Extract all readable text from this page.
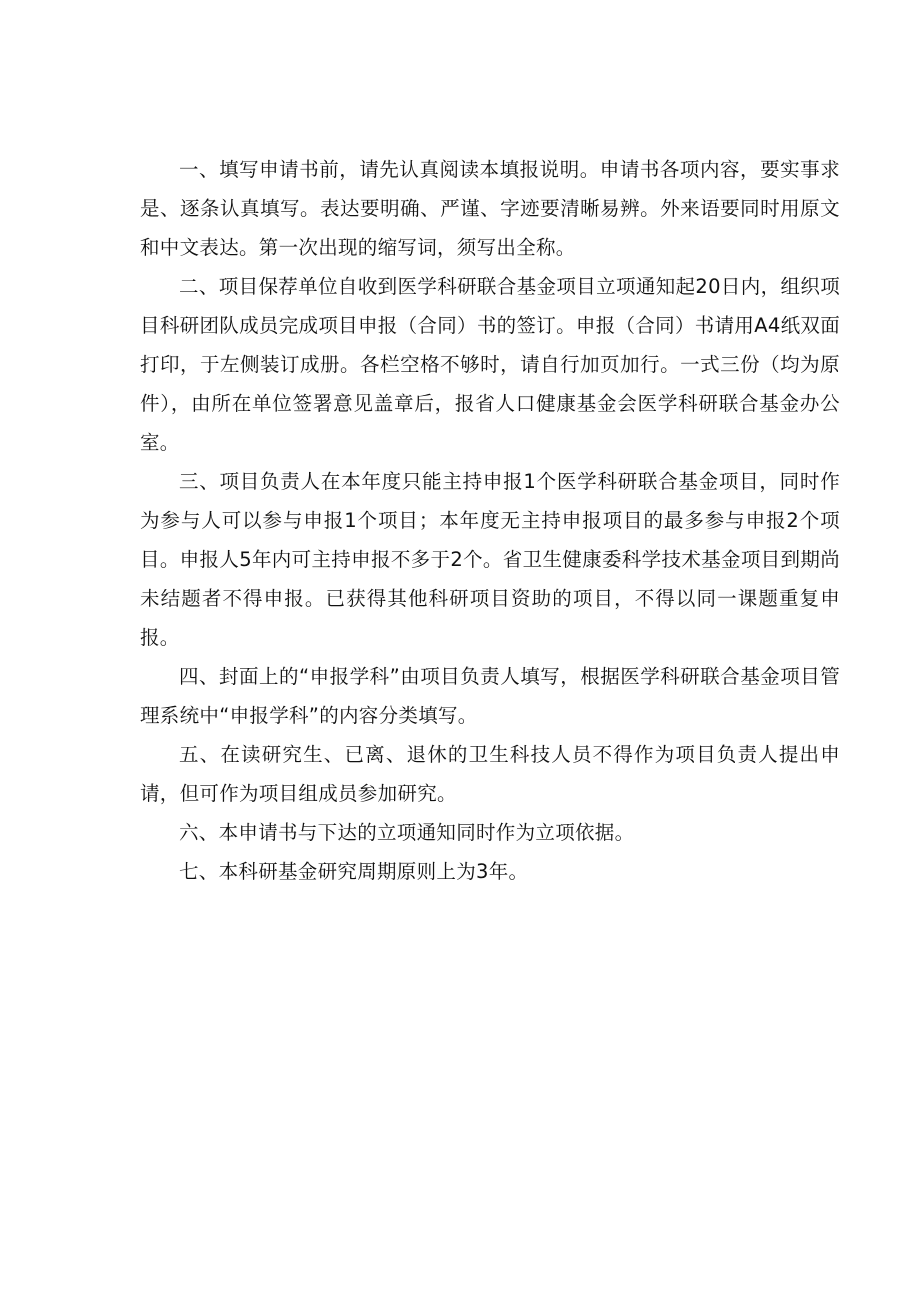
一、填写申请书前，请先认真阅读本填报说明。申请书各项内容，要实事求是、逐条认真填写。表达要明确、严谨、字迹要清晰易辨。外来语要同时用原文和中文表达。第一次出现的缩写词，须写出全称。

二、项目保荐单位自收到医学科研联合基金项目立项通知起20日内，组织项目科研团队成员完成项目申报（合同）书的签订。申报（合同）书请用A4纸双面打印，于左侧装订成册。各栏空格不够时，请自行加页加行。一式三份（均为原件），由所在单位签署意见盖章后，报省人口健康基金会医学科研联合基金办公室。

三、项目负责人在本年度只能主持申报1个医学科研联合基金项目，同时作为参与人可以参与申报1个项目；本年度无主持申报项目的最多参与申报2个项目。申报人5年内可主持申报不多于2个。省卫生健康委科学技术基金项目到期尚未结题者不得申报。已获得其他科研项目资助的项目，不得以同一课题重复申报。

四、封面上的“申报学科”由项目负责人填写，根据医学科研联合基金项目管理系统中“申报学科”的内容分类填写。

五、在读研究生、已离、退休的卫生科技人员不得作为项目负责人提出申请，但可作为项目组成员参加研究。

六、本申请书与下达的立项通知同时作为立项依据。

七、本科研基金研究周期原则上为3年。
